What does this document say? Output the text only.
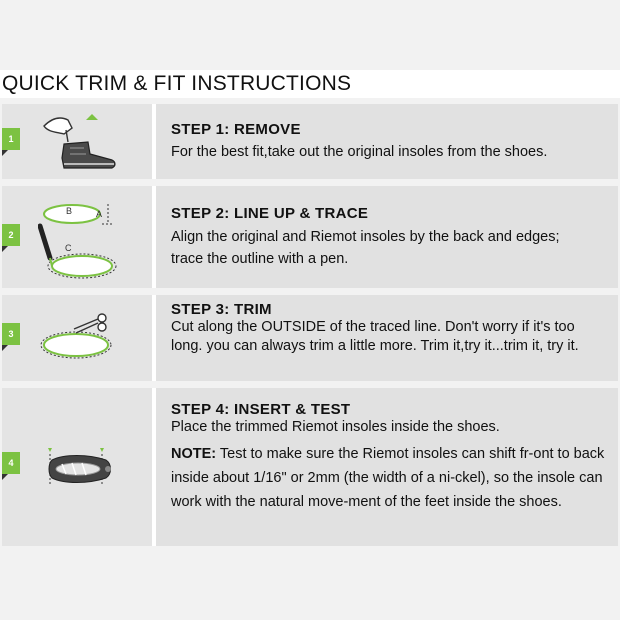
QUICK TRIM & FIT INSTRUCTIONS
1
STEP 1: REMOVE
For the best fit,take out the original insoles from the shoes.
2
B	A
C
STEP 2: LINE UP & TRACE
Align the original and Riemot insoles by the back and edges; trace the outline with a pen.
3
STEP 3: TRIM
Cut along the OUTSIDE of the traced line. Don't worry if it's too long. you can always trim a little more. Trim it,try it...trim it, try it.
4
STEP 4: INSERT & TEST
Place the trimmed Riemot insoles inside the shoes.
NOTE: Test to make sure the Riemot insoles can shift fr-ont to back inside about 1/16" or 2mm (the width of a ni-ckel), so the insole can work with the natural move-ment of the feet inside the shoes.
